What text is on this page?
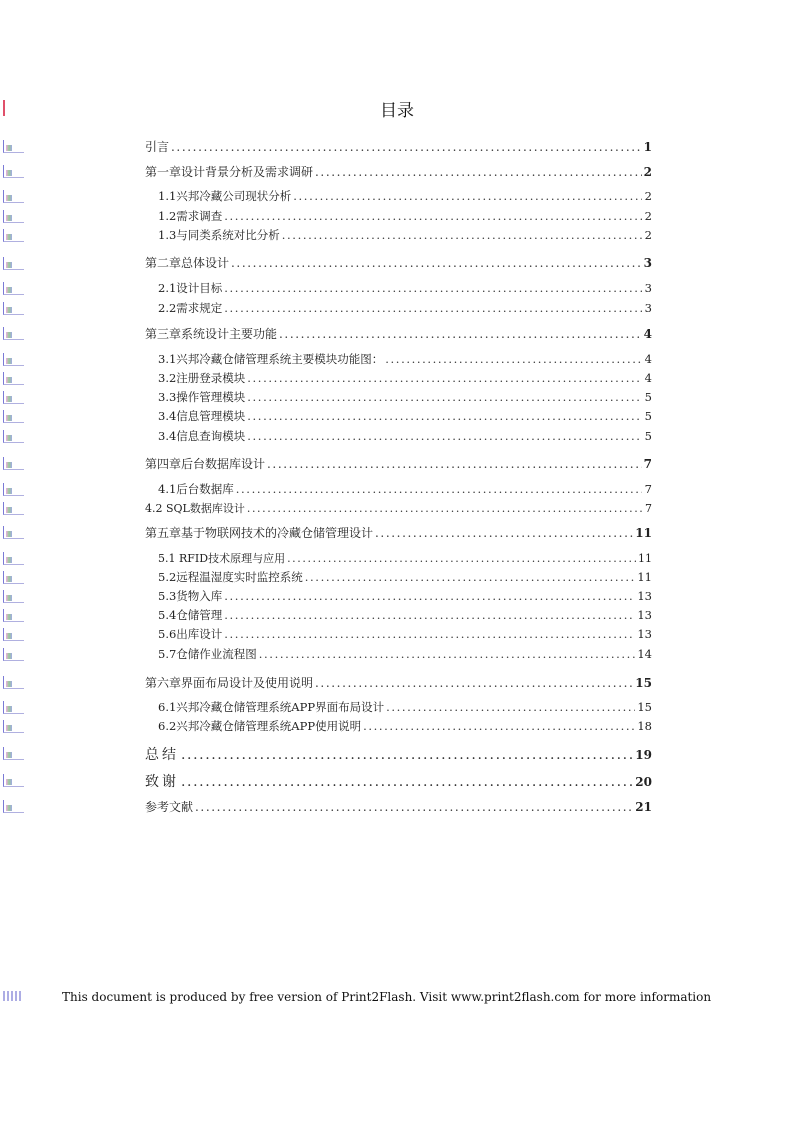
目录
引言 .....	1
第一章设计背景分析及需求调研 .....	2
1.1兴邦冷藏公司现状分析 .....	2
1.2需求调查 .....	2
1.3与同类系统对比分析 .....	2
第二章总体设计 .....	3
2.1设计目标 .....	3
2.2需求规定 .....	3
第三章系统设计主要功能 .....	4
3.1兴邦冷藏仓储管理系统主要模块功能图： .....	4
3.2注册登录模块 .....	4
3.3操作管理模块 .....	5
3.4信息管理模块 .....	5
3.4信息查询模块 .....	5
第四章后台数据库设计 .....	7
4.1后台数据库 .....	7
4.2 SQL数据库设计 .....	7
第五章基于物联网技术的冷藏仓储管理设计 .....	11
5.1 RFID技术原理与应用 .....	11
5.2远程温湿度实时监控系统 .....	11
5.3货物入库 .....	13
5.4仓储管理 .....	13
5.6出库设计 .....	13
5.7仓储作业流程图 .....	14
第六章界面布局设计及使用说明 .....	15
6.1兴邦冷藏仓储管理系统APP界面布局设计 .....	15
6.2兴邦冷藏仓储管理系统APP使用说明 .....	18
总结 .....	19
致谢 .....	20
参考文献 .....	21
This document is produced by free version of Print2Flash. Visit www.print2flash.com for more information
